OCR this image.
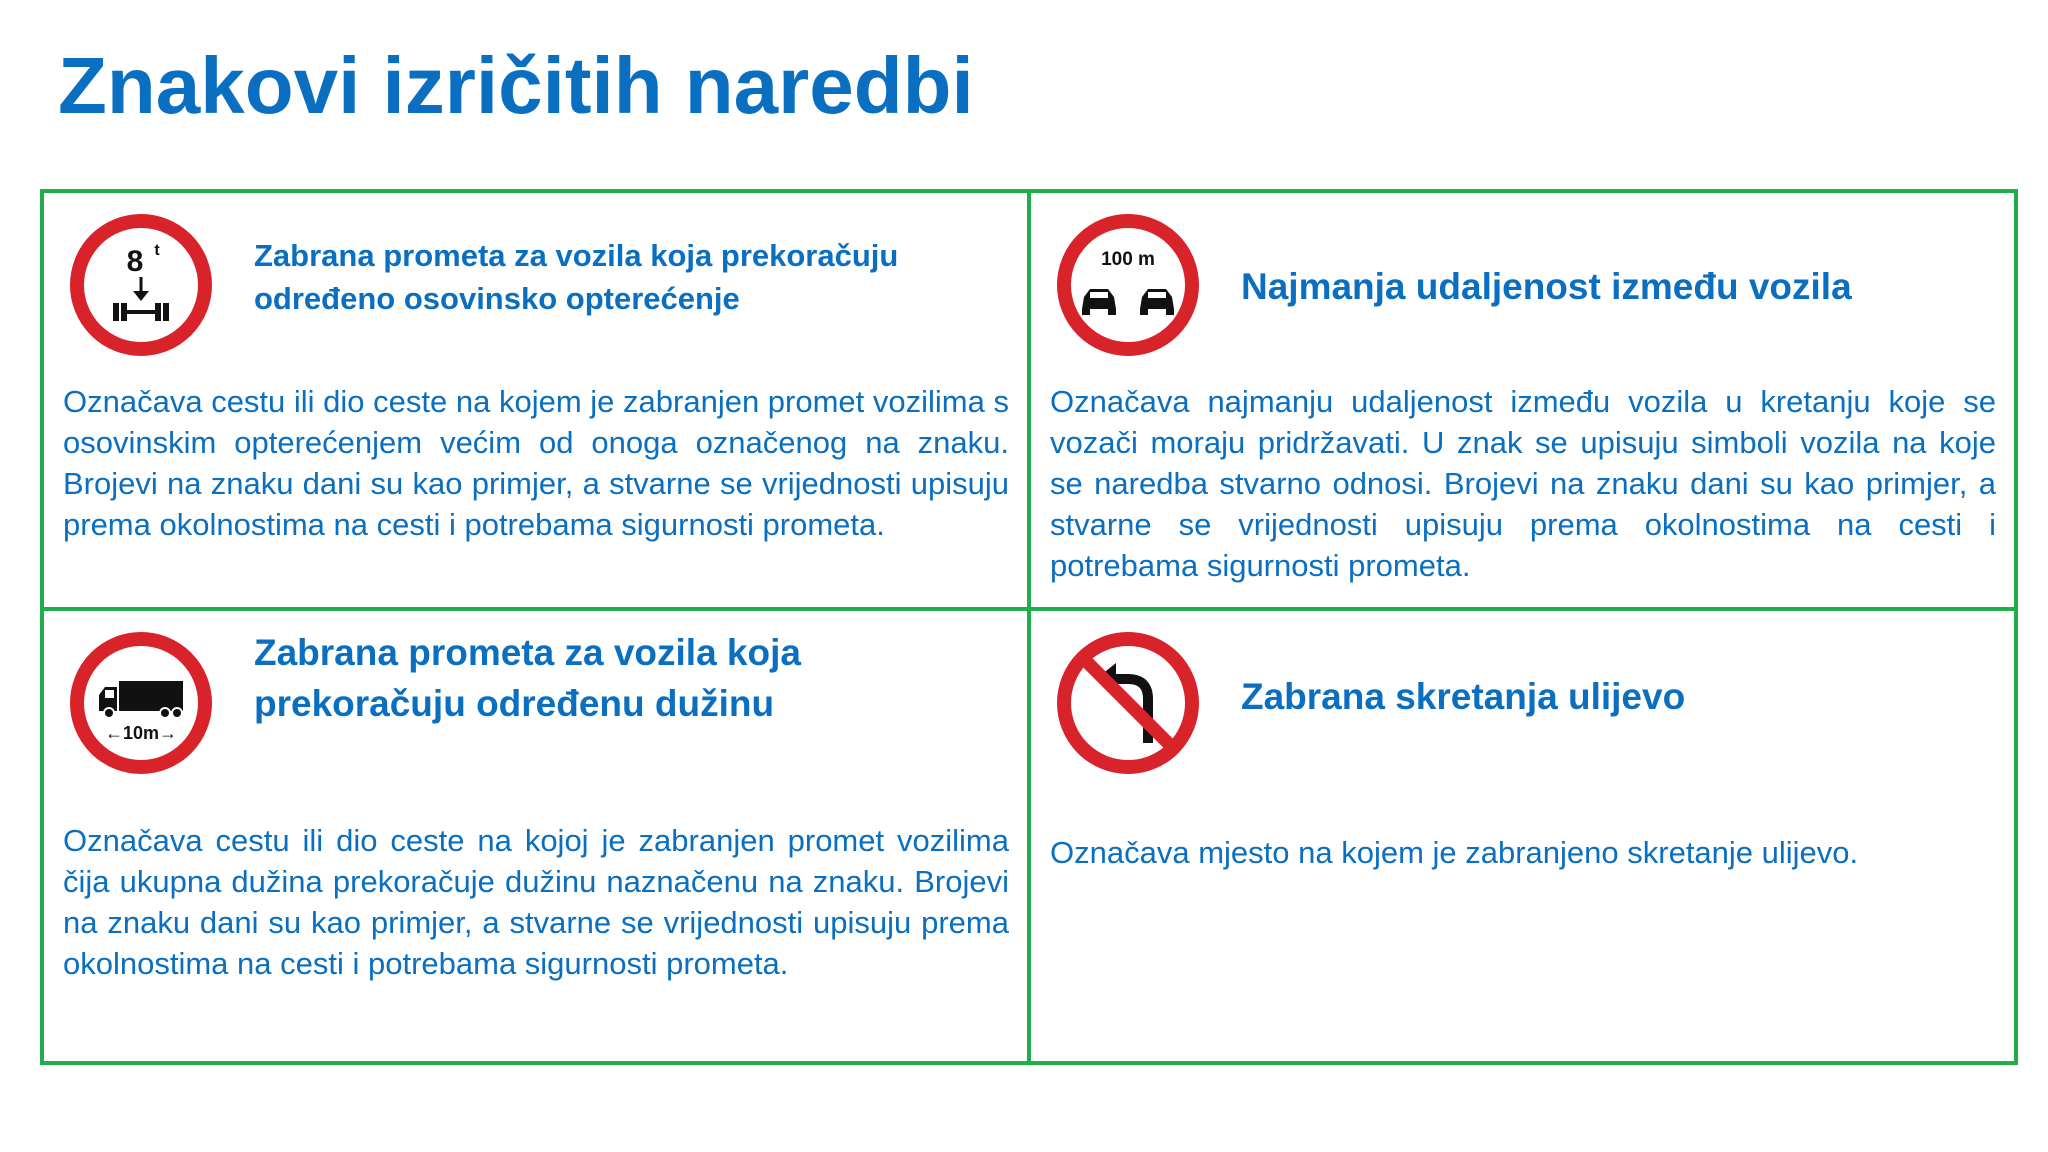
Znakovi izričitih naredbi
8 t	Zabrana prometa za vozila koja prekoračuju određeno osovinsko opterećenje

Označava cestu ili dio ceste na kojem je zabranjen promet vozilima s osovinskim opterećenjem većim od onoga označenog na znaku. Brojevi na znaku dani su kao primjer, a stvarne se vrijednosti upisuju prema okolnostima na cesti i potrebama sigurnosti prometa.

100 m
Najmanja udaljenost između vozila

Označava najmanju udaljenost između vozila u kretanju koje se vozači moraju pridržavati. U znak se upisuju simboli vozila na koje se naredba stvarno odnosi. Brojevi na znaku dani su kao primjer, a stvarne se vrijednosti upisuju prema okolnostima na cesti i potrebama sigurnosti prometa.

←10m→
Zabrana prometa za vozila koja prekoračuju određenu dužinu

Označava cestu ili dio ceste na kojoj je zabranjen promet vozilima čija ukupna dužina prekoračuje dužinu naznačenu na znaku. Brojevi na znaku dani su kao primjer, a stvarne se vrijednosti upisuju prema okolnostima na cesti i potrebama sigurnosti prometa.

Zabrana skretanja ulijevo

Označava mjesto na kojem je zabranjeno skretanje ulijevo.
